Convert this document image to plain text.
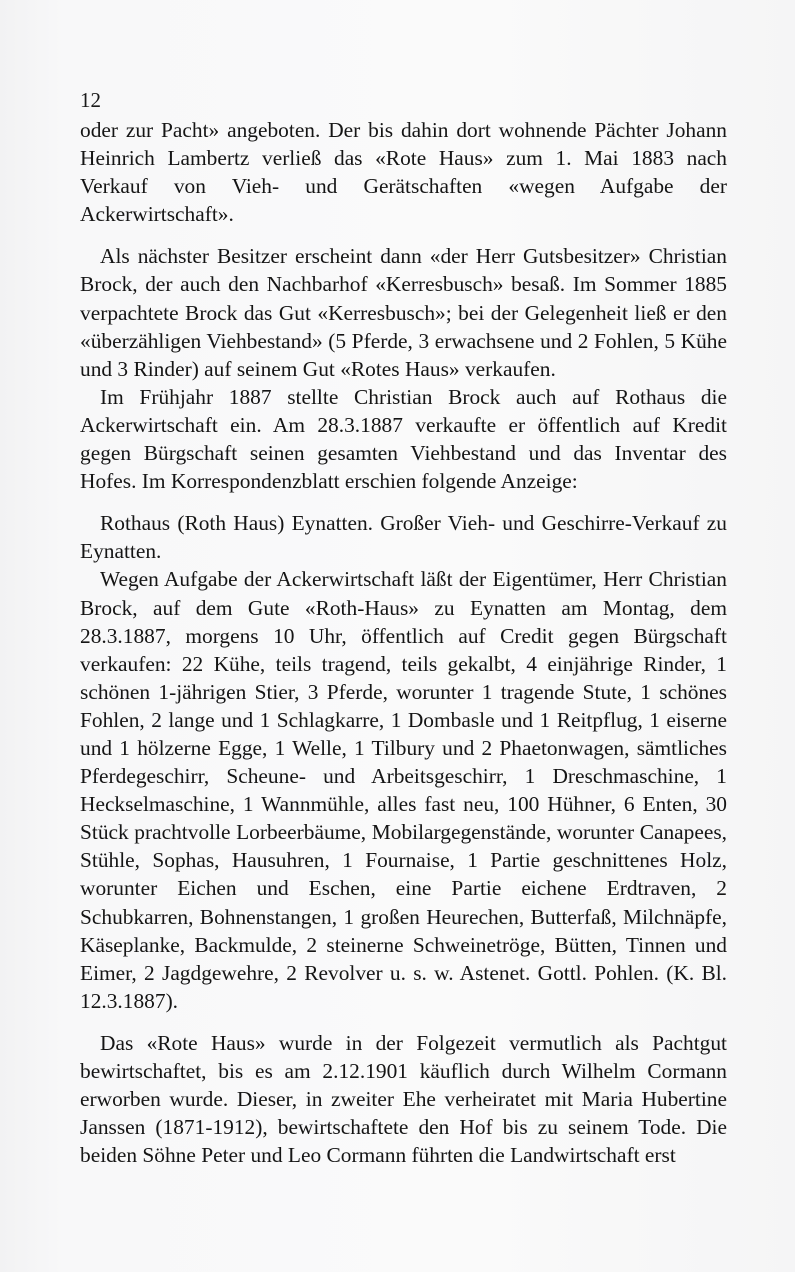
12

oder zur Pacht» angeboten. Der bis dahin dort wohnende Pächter Johann Heinrich Lambertz verließ das «Rote Haus» zum 1. Mai 1883 nach Verkauf von Vieh- und Gerätschaften «wegen Aufgabe der Ackerwirtschaft».

Als nächster Besitzer erscheint dann «der Herr Gutsbesitzer» Christian Brock, der auch den Nachbarhof «Kerresbusch» besaß. Im Sommer 1885 verpachtete Brock das Gut «Kerresbusch»; bei der Gelegenheit ließ er den «überzähligen Viehbestand» (5 Pferde, 3 erwachsene und 2 Fohlen, 5 Kühe und 3 Rinder) auf seinem Gut «Rotes Haus» verkaufen.

Im Frühjahr 1887 stellte Christian Brock auch auf Rothaus die Ackerwirtschaft ein. Am 28.3.1887 verkaufte er öffentlich auf Kredit gegen Bürgschaft seinen gesamten Viehbestand und das Inventar des Hofes. Im Korrespondenzblatt erschien folgende Anzeige:

Rothaus (Roth Haus) Eynatten. Großer Vieh- und Geschirre-Verkauf zu Eynatten.

Wegen Aufgabe der Ackerwirtschaft läßt der Eigentümer, Herr Christian Brock, auf dem Gute «Roth-Haus» zu Eynatten am Montag, dem 28.3.1887, morgens 10 Uhr, öffentlich auf Credit gegen Bürgschaft verkaufen: 22 Kühe, teils tragend, teils gekalbt, 4 einjährige Rinder, 1 schönen 1-jährigen Stier, 3 Pferde, worunter 1 tragende Stute, 1 schönes Fohlen, 2 lange und 1 Schlagkarre, 1 Dombasle und 1 Reitpflug, 1 eiserne und 1 hölzerne Egge, 1 Welle, 1 Tilbury und 2 Phaetonwagen, sämtliches Pferdegeschirr, Scheune- und Arbeitsgeschirr, 1 Dreschmaschine, 1 Heckselmaschine, 1 Wannmühle, alles fast neu, 100 Hühner, 6 Enten, 30 Stück prachtvolle Lorbeerbäume, Mobilargegenstände, worunter Canapees, Stühle, Sophas, Hausuhren, 1 Fournaise, 1 Partie geschnittenes Holz, worunter Eichen und Eschen, eine Partie eichene Erdtraven, 2 Schubkarren, Bohnenstangen, 1 großen Heurechen, Butterfaß, Milchnäpfe, Käseplanke, Backmulde, 2 steinerne Schweinetröge, Bütten, Tinnen und Eimer, 2 Jagdgewehre, 2 Revolver u. s. w. Astenet. Gottl. Pohlen. (K. Bl. 12.3.1887).

Das «Rote Haus» wurde in der Folgezeit vermutlich als Pachtgut bewirtschaftet, bis es am 2.12.1901 käuflich durch Wilhelm Cormann erworben wurde. Dieser, in zweiter Ehe verheiratet mit Maria Hubertine Janssen (1871-1912), bewirtschaftete den Hof bis zu seinem Tode. Die beiden Söhne Peter und Leo Cormann führten die Landwirtschaft erst
